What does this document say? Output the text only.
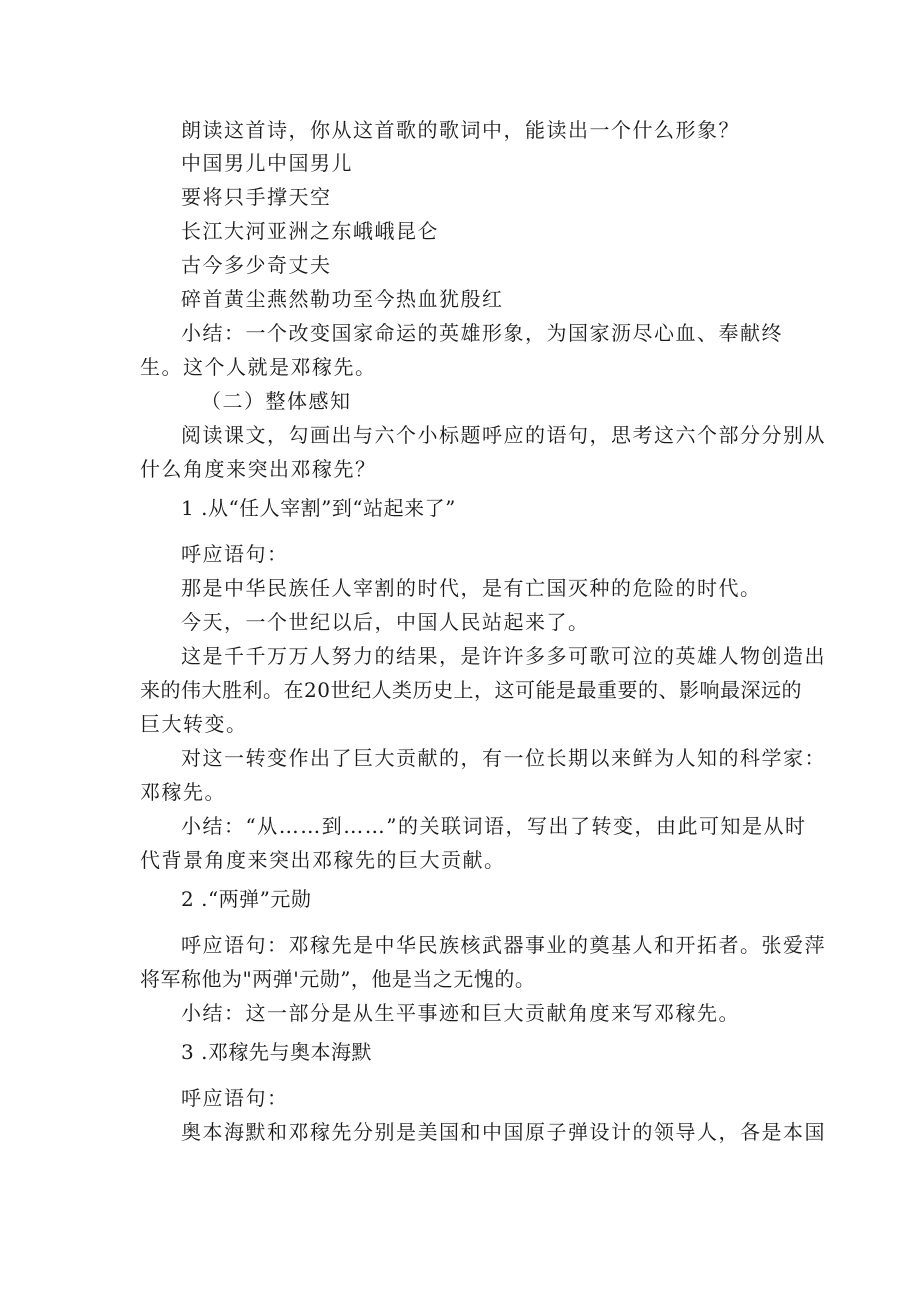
朗读这首诗，你从这首歌的歌词中，能读出一个什么形象？
中国男儿中国男儿
要将只手撑天空
长江大河亚洲之东峨峨昆仑
古今多少奇丈夫
碎首黄尘燕然勒功至今热血犹殷红
小结：一个改变国家命运的英雄形象，为国家沥尽心血、奉献终
生。这个人就是邓稼先。
（二）整体感知
阅读课文，勾画出与六个小标题呼应的语句，思考这六个部分分别从
什么角度来突出邓稼先？
1 .从“任人宰割”到“站起来了”
呼应语句：
那是中华民族任人宰割的时代，是有亡国灭种的危险的时代。
今天，一个世纪以后，中国人民站起来了。
这是千千万万人努力的结果，是许许多多可歌可泣的英雄人物创造出
来的伟大胜利。在20世纪人类历史上，这可能是最重要的、影响最深远的
巨大转变。
对这一转变作出了巨大贡献的，有一位长期以来鲜为人知的科学家：
邓稼先。
小结：“从……到……”的关联词语，写出了转变，由此可知是从时
代背景角度来突出邓稼先的巨大贡献。
2 .“两弹”元勋
呼应语句：邓稼先是中华民族核武器事业的奠基人和开拓者。张爱萍
将军称他为"两弹'元勋”，他是当之无愧的。
小结：这一部分是从生平事迹和巨大贡献角度来写邓稼先。
3 .邓稼先与奥本海默
呼应语句：
奥本海默和邓稼先分别是美国和中国原子弹设计的领导人，各是本国
